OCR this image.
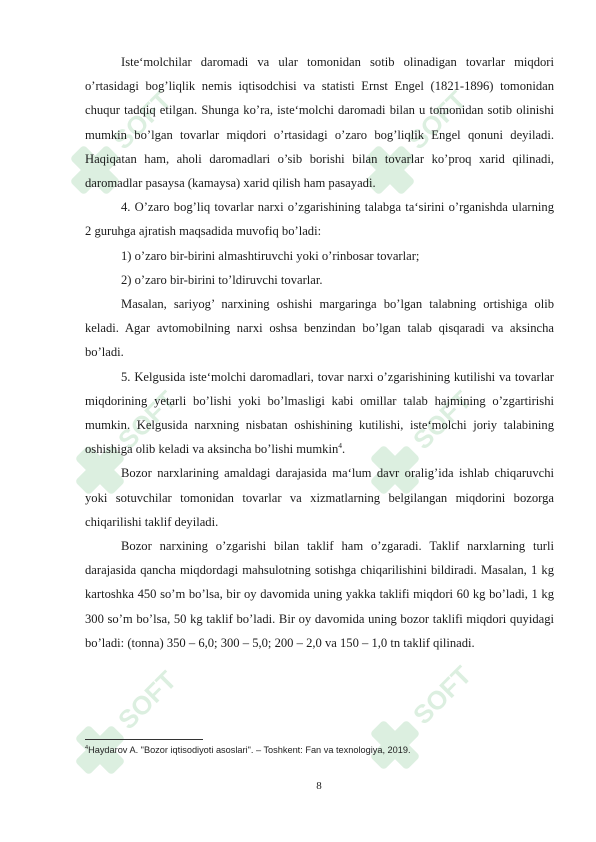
SOFT	SOFT
SOFT	SOFT
SOFT	SOFT

Iste‘molchilar daromadi va ular tomonidan sotib olinadigan tovarlar miqdori o’rtasidagi bog’liqlik nemis iqtisodchisi va statisti Ernst Engel (1821-1896) tomonidan chuqur tadqiq etilgan. Shunga ko’ra, iste‘molchi daromadi bilan u tomonidan sotib olinishi mumkin bo’lgan tovarlar miqdori o’rtasidagi o’zaro bog’liqlik Engel qonuni deyiladi. Haqiqatan ham, aholi daromadlari o’sib borishi bilan tovarlar ko’proq xarid qilinadi, daromadlar pasaysa (kamaysa) xarid qilish ham pasayadi.

4. O’zaro bog’liq tovarlar narxi o’zgarishining talabga ta‘sirini o’rganishda ularning 2 guruhga ajratish maqsadida muvofiq bo’ladi:

1) o’zaro bir-birini almashtiruvchi yoki o’rinbosar tovarlar;

2) o’zaro bir-birini to’ldiruvchi tovarlar.

Masalan, sariyog’ narxining oshishi margaringa bo’lgan talabning ortishiga olib keladi. Agar avtomobilning narxi oshsa benzindan bo’lgan talab qisqaradi va aksincha bo’ladi.

5. Kelgusida iste‘molchi daromadlari, tovar narxi o’zgarishining kutilishi va tovarlar miqdorining yetarli bo’lishi yoki bo’lmasligi kabi omillar talab hajmining o’zgartirishi mumkin. Kelgusida narxning nisbatan oshishining kutilishi, iste‘molchi joriy talabining oshishiga olib keladi va aksincha bo’lishi mumkin$^4$.

Bozor narxlarining amaldagi darajasida ma‘lum davr oralig’ida ishlab chiqaruvchi yoki sotuvchilar tomonidan tovarlar va xizmatlarning belgilangan miqdorini bozorga chiqarilishi taklif deyiladi.

Bozor narxining o’zgarishi bilan taklif ham o’zgaradi. Taklif narxlarning turli darajasida qancha miqdordagi mahsulotning sotishga chiqarilishini bildiradi. Masalan, 1 kg kartoshka 450 so’m bo’lsa, bir oy davomida uning yakka taklifi miqdori 60 kg bo’ladi, 1 kg 300 so’m bo’lsa, 50 kg taklif bo’ladi. Bir oy davomida uning bozor taklifi miqdori quyidagi bo’ladi: (tonna) 350 – 6,0; 300 – 5,0; 200 – 2,0 va 150 – 1,0 tn taklif qilinadi.

$^4$Haydarov A. "Bozor iqtisodiyoti asoslari". – Toshkent: Fan va texnologiya, 2019.
8
